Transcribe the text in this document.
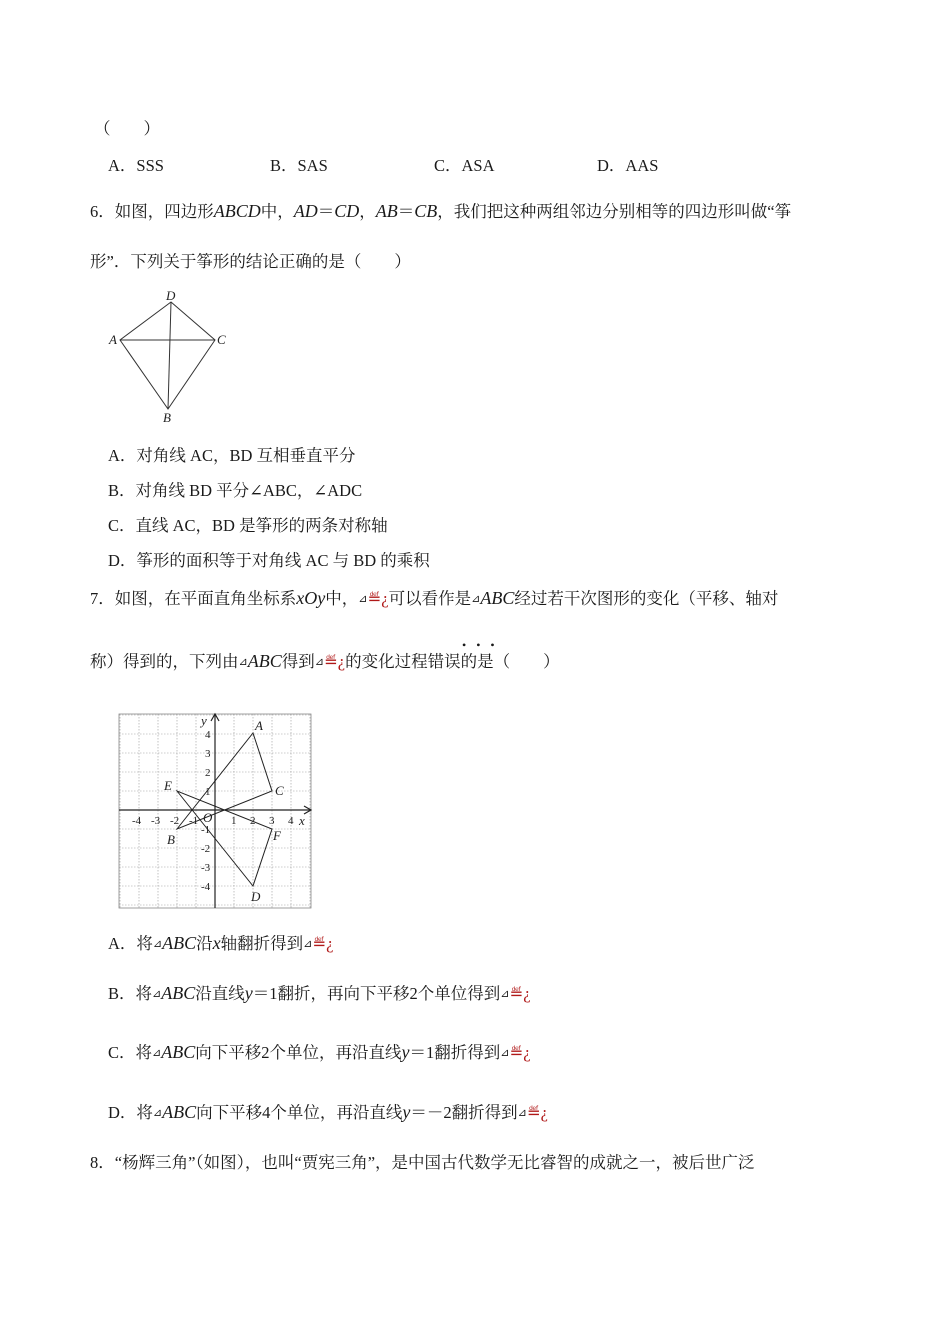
（　　）
A．SSS	B．SAS	C．ASA	D．AAS
6．如图，四边形ABCD中，AD＝CD，AB＝CB，我们把这种两组邻边分别相等的四边形叫做“筝
形”．下列关于筝形的结论正确的是（　　）
D
A	C
B
A．对角线 AC，BD 互相垂直平分
B．对角线 BD 平分∠ABC，∠ADC
C．直线 AC，BD 是筝形的两条对称轴
D．筝形的面积等于对角线 AC 与 BD 的乘积
7．如图，在平面直角坐标系xOy中，⊿≝¿可以看作是⊿ABC经过若干次图形的变化（平移、轴对
•••
称）得到的，下列由⊿ABC得到⊿≝¿的变化过程错误的是（　　）
-4 -3 -2 -1	1 2 3 4
4
3
2
1
-1
-2
-3
-4
y
x
O
A
B
C
D
E
F
A．将⊿ABC沿x轴翻折得到⊿≝¿
B．将⊿ABC沿直线y＝1翻折，再向下平移2个单位得到⊿≝¿
C．将⊿ABC向下平移2个单位，再沿直线y＝1翻折得到⊿≝¿
D．将⊿ABC向下平移4个单位，再沿直线y＝－2翻折得到⊿≝¿
8．“杨辉三角”（如图），也叫“贾宪三角”，是中国古代数学无比睿智的成就之一，被后世广泛
